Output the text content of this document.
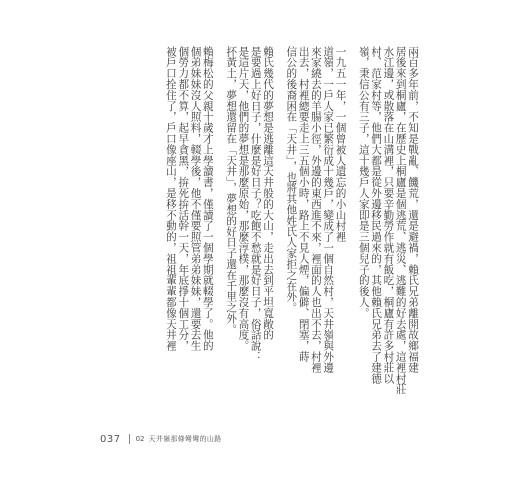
兩百多年前，不知是戰亂、饑荒，還是避禍，賴氏兄弟離開故鄉福建

居後來到桐廬，在歷史上桐廬是個逃荒、逃災、逃難的好去處，這裡村莊

水江邊，或散落在山溝裡，只要辛勤勞作就有飯吃，桐廬有許多村莊以

村、范家村等，他們大都是從外邊移民過來的，其他賴氏兄弟去了建德

嶺，秉信公有三子，這十幾戶人家即是三個兒子的後人。

一九五一年，一個曾被人遺忘的小山村裡

道嶺，一戶人家已繁衍成十幾戶，變成了一個自然村，天井嶺與外邊

來家繞去的羊腸小徑，外邊的東西進不來，裡面的人也出不去，村裡

出去，村裡總要走上三五個小時，路上不見人煙，偏僻、閉塞，蒔

信公的後裔困在「天井」，也將其他姓氏人家拒之在外。

賴氏幾代的夢想是逃離這天井般的大山，走出去到平坦寬敞的

是要過上好日子，什麼是好日子？吃飽不愁就是好日子，俗話說：

是這片天，他們的夢想是那麼原始，那麼淳樸，那麼沒有高度。

抔黃土，夢想還留在「天井」，夢想的好日子還在千里之外。

賴梅松的父親十歲才上學讀書，僅讀了一個學期就輟學了。他的

個弟妹妹沒人照料，輟學後，他不僅要照管弟弟妹妹，還要去生

個勞力都不算，起早貪黑，拚死拚活幹一天，年底掙十個工分，

被戶口拴住了，戶口像座山，是移不動的，祖祖輩輩都像天井裡

037 02 天井嶺那條彎彎的山路
